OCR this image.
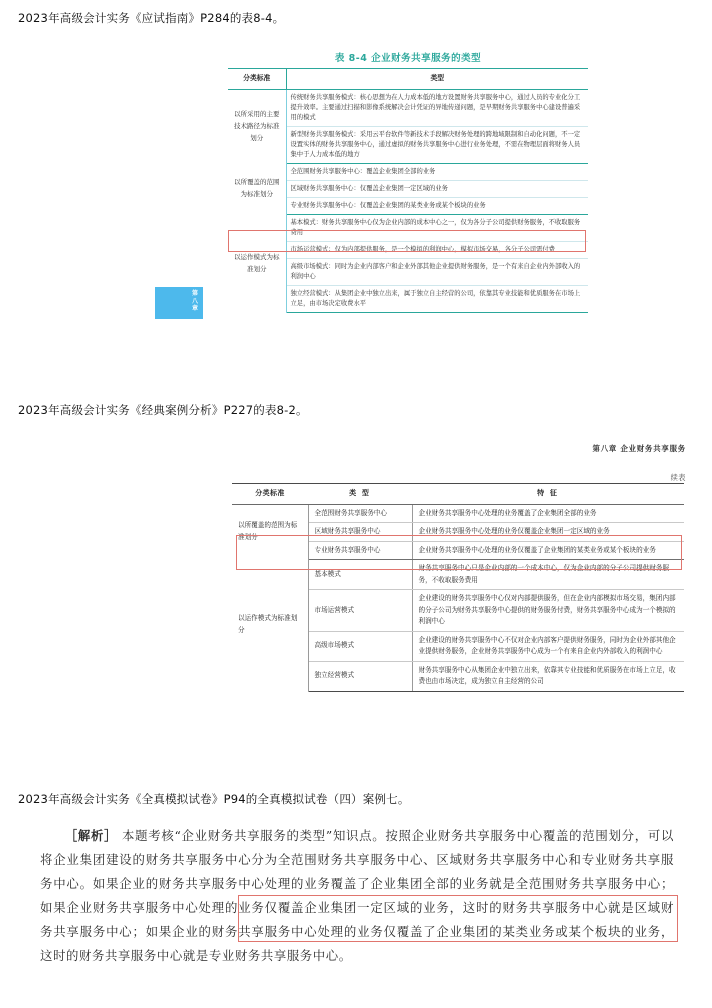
2023年高级会计实务《应试指南》P284的表8-4。
第
八
章
表 8-4 企业财务共享服务的类型
分类标准	类型
以所采用的主要技术路径为标准划分	传统财务共享服务模式：核心思想为在人力成本低的地方设置财务共享服务中心，通过人员的专业化分工提升效率。主要通过扫描和影像系统解决会计凭证的异地传递问题，是早期财务共享服务中心建设普遍采用的模式
	新型财务共享服务模式：采用云平台软件等新技术手段解决财务处理的跨地域限制和自动化问题，不一定设置实体的财务共享服务中心，通过虚拟的财务共享服务中心进行业务处理，不需在物理层面将财务人员集中于人力成本低的地方
以所覆盖的范围为标准划分	全范围财务共享服务中心：覆盖企业集团全部的业务
	区域财务共享服务中心：仅覆盖企业集团一定区域的业务
	专业财务共享服务中心：仅覆盖企业集团的某类业务或某个板块的业务
以运作模式为标准划分	基本模式：财务共享服务中心仅为企业内部的成本中心之一，仅为各分子公司提供财务服务，不收取服务费用
	市场运营模式：仅为内部提供服务，是一个模拟的利润中心，模拟市场交易，各分子公司需付费
	高级市场模式：同时为企业内部客户和企业外部其他企业提供财务服务，是一个有来自企业内外部收入的利润中心
	独立经营模式：从集团企业中独立出来，属于独立自主经营的公司，依靠其专业技能和优质服务在市场上立足，由市场决定收费水平
2023年高级会计实务《经典案例分析》P227的表8-2。
第八章 企业财务共享服务
续表
分类标准	类 型	特 征
以所覆盖的范围为标准划分	全范围财务共享服务中心	企业财务共享服务中心处理的业务覆盖了企业集团全部的业务
	区域财务共享服务中心	企业财务共享服务中心处理的业务仅覆盖企业集团一定区域的业务
	专业财务共享服务中心	企业财务共享服务中心处理的业务仅覆盖了企业集团的某类业务或某个板块的业务
以运作模式为标准划分	基本模式	财务共享服务中心只是企业内部的一个成本中心，仅为企业内部的分子公司提供财务服务，不收取服务费用
	市场运营模式	企业建设的财务共享服务中心仅对内部提供服务，但在企业内部模拟市场交易，集团内部的分子公司为财务共享服务中心提供的财务服务付费，财务共享服务中心成为一个模拟的利润中心
	高级市场模式	企业建设的财务共享服务中心不仅对企业内部客户提供财务服务，同时为企业外部其他企业提供财务服务，企业财务共享服务中心成为一个有来自企业内外部收入的利润中心
	独立经营模式	财务共享服务中心从集团企业中独立出来，依靠其专业技能和优质服务在市场上立足，收费也由市场决定，成为独立自主经营的公司
2023年高级会计实务《全真模拟试卷》P94的全真模拟试卷（四）案例七。
［解析］ 本题考核“企业财务共享服务的类型”知识点。按照企业财务共享服务中心覆盖的范围划分，可以将企业集团建设的财务共享服务中心分为全范围财务共享服务中心、区域财务共享服务中心和专业财务共享服务中心。如果企业的财务共享服务中心处理的业务覆盖了企业集团全部的业务就是全范围财务共享服务中心；如果企业财务共享服务中心处理的业务仅覆盖企业集团一定区域的业务，这时的财务共享服务中心就是区域财务共享服务中心；如果企业的财务共享服务中心处理的业务仅覆盖了企业集团的某类业务或某个板块的业务，这时的财务共享服务中心就是专业财务共享服务中心。
